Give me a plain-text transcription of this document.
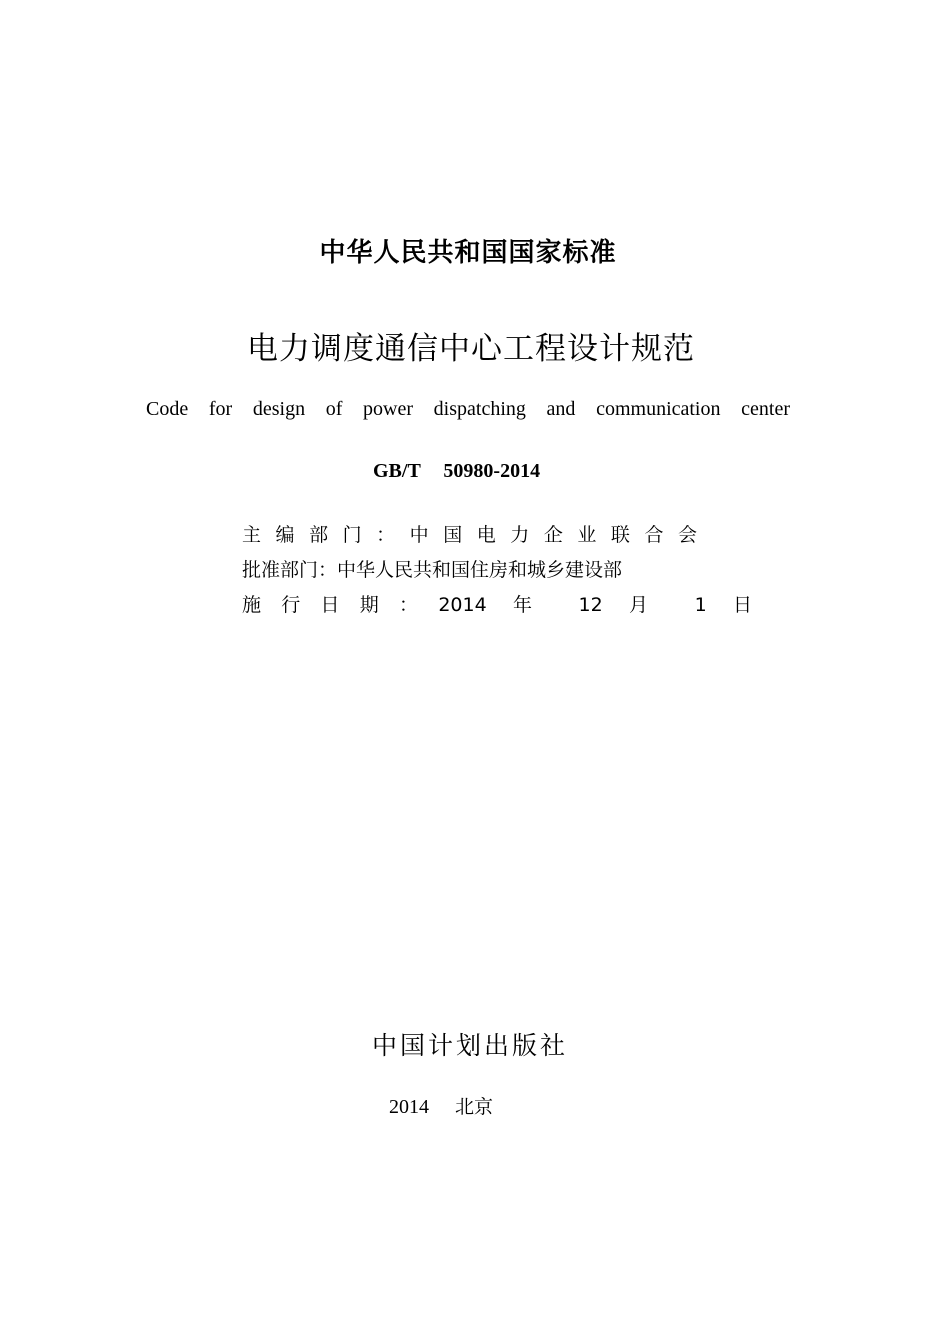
中华人民共和国国家标准
电力调度通信中心工程设计规范
Code for design of power dispatching and communication center
GB/T 50980-2014
主编部门：中国电力企业联合会
批准部门：中华人民共和国住房和城乡建设部
施行日期：2014 年 12 月 1 日
中国计划出版社
2014 北京
